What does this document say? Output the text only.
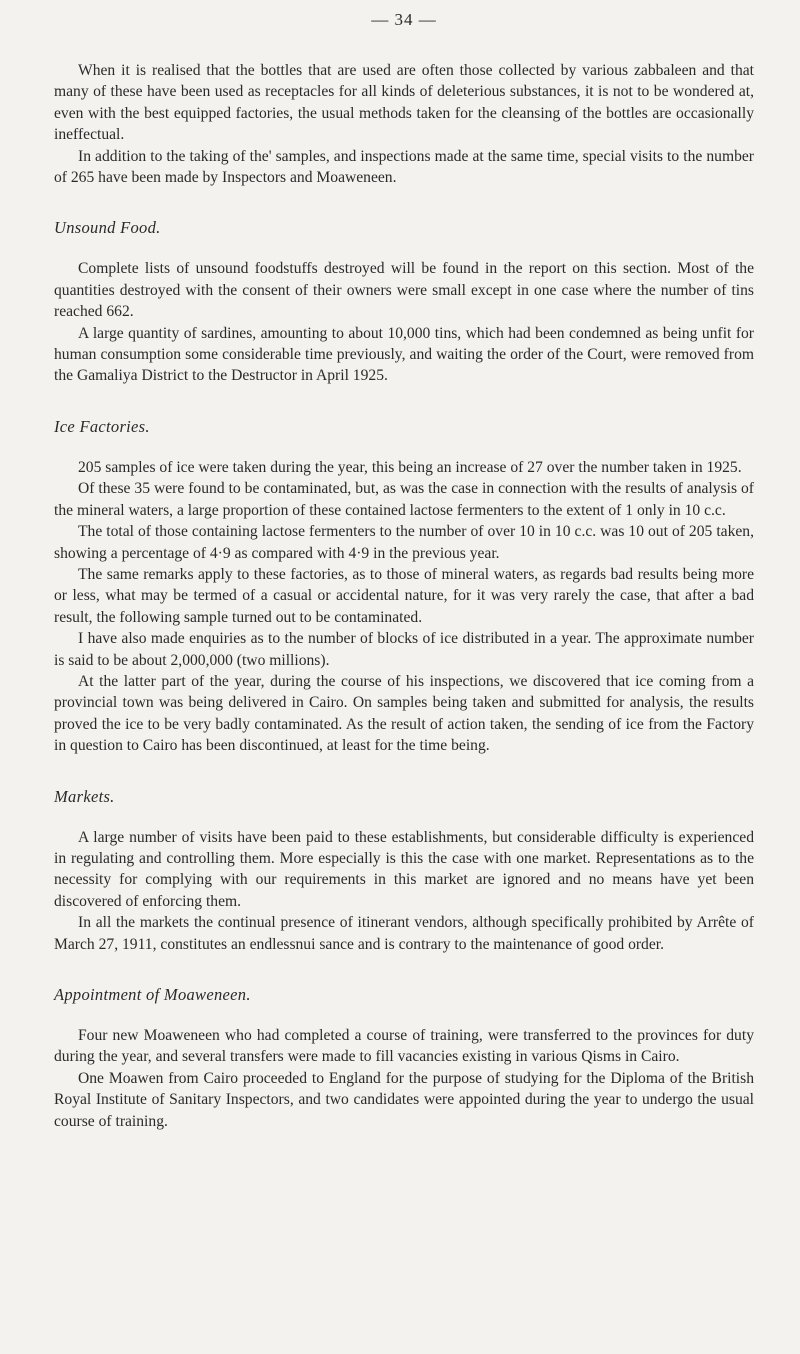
— 34 —

When it is realised that the bottles that are used are often those collected by various zabbaleen and that many of these have been used as receptacles for all kinds of deleterious substances, it is not to be wondered at, even with the best equipped factories, the usual methods taken for the cleansing of the bottles are occasionally ineffectual.

In addition to the taking of the' samples, and inspections made at the same time, special visits to the number of 265 have been made by Inspectors and Moaweneen.

Unsound Food.

Complete lists of unsound foodstuffs destroyed will be found in the report on this section. Most of the quantities destroyed with the consent of their owners were small except in one case where the number of tins reached 662.

A large quantity of sardines, amounting to about 10,000 tins, which had been condemned as being unfit for human consumption some considerable time previously, and waiting the order of the Court, were removed from the Gamaliya District to the Destructor in April 1925.

Ice Factories.

205 samples of ice were taken during the year, this being an increase of 27 over the number taken in 1925.

Of these 35 were found to be contaminated, but, as was the case in connection with the results of analysis of the mineral waters, a large proportion of these contained lactose fermenters to the extent of 1 only in 10 c.c.

The total of those containing lactose fermenters to the number of over 10 in 10 c.c. was 10 out of 205 taken, showing a percentage of 4·9 as compared with 4·9 in the previous year.

The same remarks apply to these factories, as to those of mineral waters, as regards bad results being more or less, what may be termed of a casual or accidental nature, for it was very rarely the case, that after a bad result, the following sample turned out to be contaminated.

I have also made enquiries as to the number of blocks of ice distributed in a year. The approximate number is said to be about 2,000,000 (two millions).

At the latter part of the year, during the course of his inspections, we discovered that ice coming from a provincial town was being delivered in Cairo. On samples being taken and submitted for analysis, the results proved the ice to be very badly contaminated. As the result of action taken, the sending of ice from the Factory in question to Cairo has been discontinued, at least for the time being.

Markets.

A large number of visits have been paid to these establishments, but considerable difficulty is experienced in regulating and controlling them. More especially is this the case with one market. Representations as to the necessity for complying with our requirements in this market are ignored and no means have yet been discovered of enforcing them.

In all the markets the continual presence of itinerant vendors, although specifically prohibited by Arrête of March 27, 1911, constitutes an endlessnui sance and is contrary to the maintenance of good order.

Appointment of Moaweneen.

Four new Moaweneen who had completed a course of training, were transferred to the provinces for duty during the year, and several transfers were made to fill vacancies existing in various Qisms in Cairo.

One Moawen from Cairo proceeded to England for the purpose of studying for the Diploma of the British Royal Institute of Sanitary Inspectors, and two candidates were appointed during the year to undergo the usual course of training.
